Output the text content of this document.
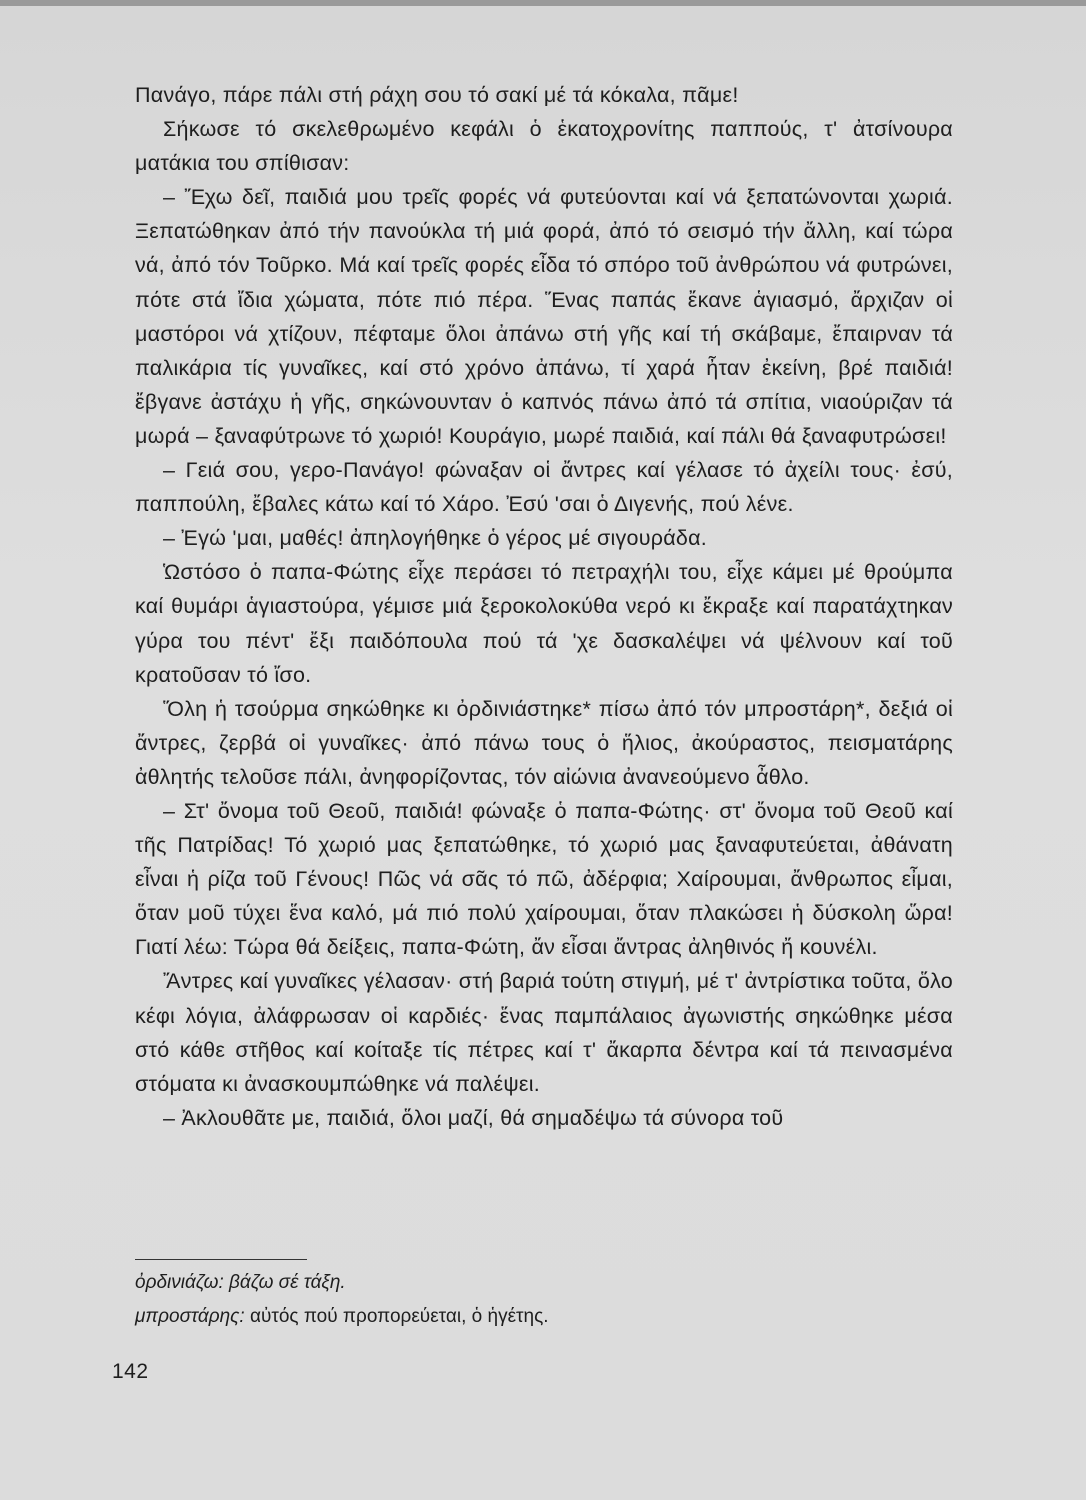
Πανάγο, πάρε πάλι στή ράχη σου τό σακί μέ τά κόκαλα, πᾶμε!

Σήκωσε τό σκελεθρωμένο κεφάλι ὁ ἑκατοχρονίτης παππούς, τ' ἀτσίνουρα ματάκια του σπίθισαν:

– Ἔχω δεῖ, παιδιά μου τρεῖς φορές νά φυτεύονται καί νά ξεπατώνονται χωριά. Ξεπατώθηκαν ἀπό τήν πανούκλα τή μιά φορά, ἀπό τό σεισμό τήν ἄλλη, καί τώρα νά, ἀπό τόν Τοῦρκο. Μά καί τρεῖς φορές εἶδα τό σπόρο τοῦ ἀνθρώπου νά φυτρώνει, πότε στά ἴδια χώματα, πότε πιό πέρα. Ἕνας παπάς ἔκανε ἁγιασμό, ἄρχιζαν οἱ μαστόροι νά χτίζουν, πέφταμε ὅλοι ἀπάνω στή γῆς καί τή σκάβαμε, ἔπαιρναν τά παλικάρια τίς γυναῖκες, καί στό χρόνο ἀπάνω, τί χαρά ἦταν ἐκείνη, βρέ παιδιά! ἔβγανε ἀστάχυ ἡ γῆς, σηκώνουνταν ὁ καπνός πάνω ἀπό τά σπίτια, νιαούριζαν τά μωρά – ξαναφύτρωνε τό χωριό! Κουράγιο, μωρέ παιδιά, καί πάλι θά ξαναφυτρώσει!

– Γειά σου, γερο-Πανάγο! φώναξαν οἱ ἄντρες καί γέλασε τό ἀχείλι τους· ἐσύ, παππούλη, ἔβαλες κάτω καί τό Χάρο. Ἐσύ 'σαι ὁ Διγενής, πού λένε.

– Ἐγώ 'μαι, μαθές! ἀπηλογήθηκε ὁ γέρος μέ σιγουράδα.

Ὡστόσο ὁ παπα-Φώτης εἶχε περάσει τό πετραχήλι του, εἶχε κάμει μέ θρούμπα καί θυμάρι ἁγιαστούρα, γέμισε μιά ξεροκολοκύθα νερό κι ἔκραξε καί παρατάχτηκαν γύρα του πέντ' ἔξι παιδόπουλα πού τά 'χε δασκαλέψει νά ψέλνουν καί τοῦ κρατοῦσαν τό ἴσο.

Ὅλη ἡ τσούρμα σηκώθηκε κι ὀρδινιάστηκε* πίσω ἀπό τόν μπροστάρη*, δεξιά οἱ ἄντρες, ζερβά οἱ γυναῖκες· ἀπό πάνω τους ὁ ἥλιος, ἀκούραστος, πεισματάρης ἀθλητής τελοῦσε πάλι, ἀνηφορίζοντας, τόν αἰώνια ἀνανεούμενο ἆθλο.

– Στ' ὄνομα τοῦ Θεοῦ, παιδιά! φώναξε ὁ παπα-Φώτης· στ' ὄνομα τοῦ Θεοῦ καί τῆς Πατρίδας! Τό χωριό μας ξεπατώθηκε, τό χωριό μας ξαναφυτεύεται, ἀθάνατη εἶναι ἡ ρίζα τοῦ Γένους! Πῶς νά σᾶς τό πῶ, ἀδέρφια; Χαίρουμαι, ἄνθρωπος εἶμαι, ὅταν μοῦ τύχει ἕνα καλό, μά πιό πολύ χαίρουμαι, ὅταν πλακώσει ἡ δύσκολη ὥρα! Γιατί λέω: Τώρα θά δείξεις, παπα-Φώτη, ἄν εἶσαι ἄντρας ἀληθινός ἤ κουνέλι.

Ἄντρες καί γυναῖκες γέλασαν· στή βαριά τούτη στιγμή, μέ τ' ἀντρίστικα τοῦτα, ὅλο κέφι λόγια, ἀλάφρωσαν οἱ καρδιές· ἕνας παμπάλαιος ἀγωνιστής σηκώθηκε μέσα στό κάθε στῆθος καί κοίταξε τίς πέτρες καί τ' ἄκαρπα δέντρα καί τά πεινασμένα στόματα κι ἀνασκουμπώθηκε νά παλέψει.

– Ἀκλουθᾶτε με, παιδιά, ὅλοι μαζί, θά σημαδέψω τά σύνορα τοῦ

ὀρδινιάζω: βάζω σέ τάξη.
μπροστάρης: αὐτός πού προπορεύεται, ὁ ἡγέτης.
142
